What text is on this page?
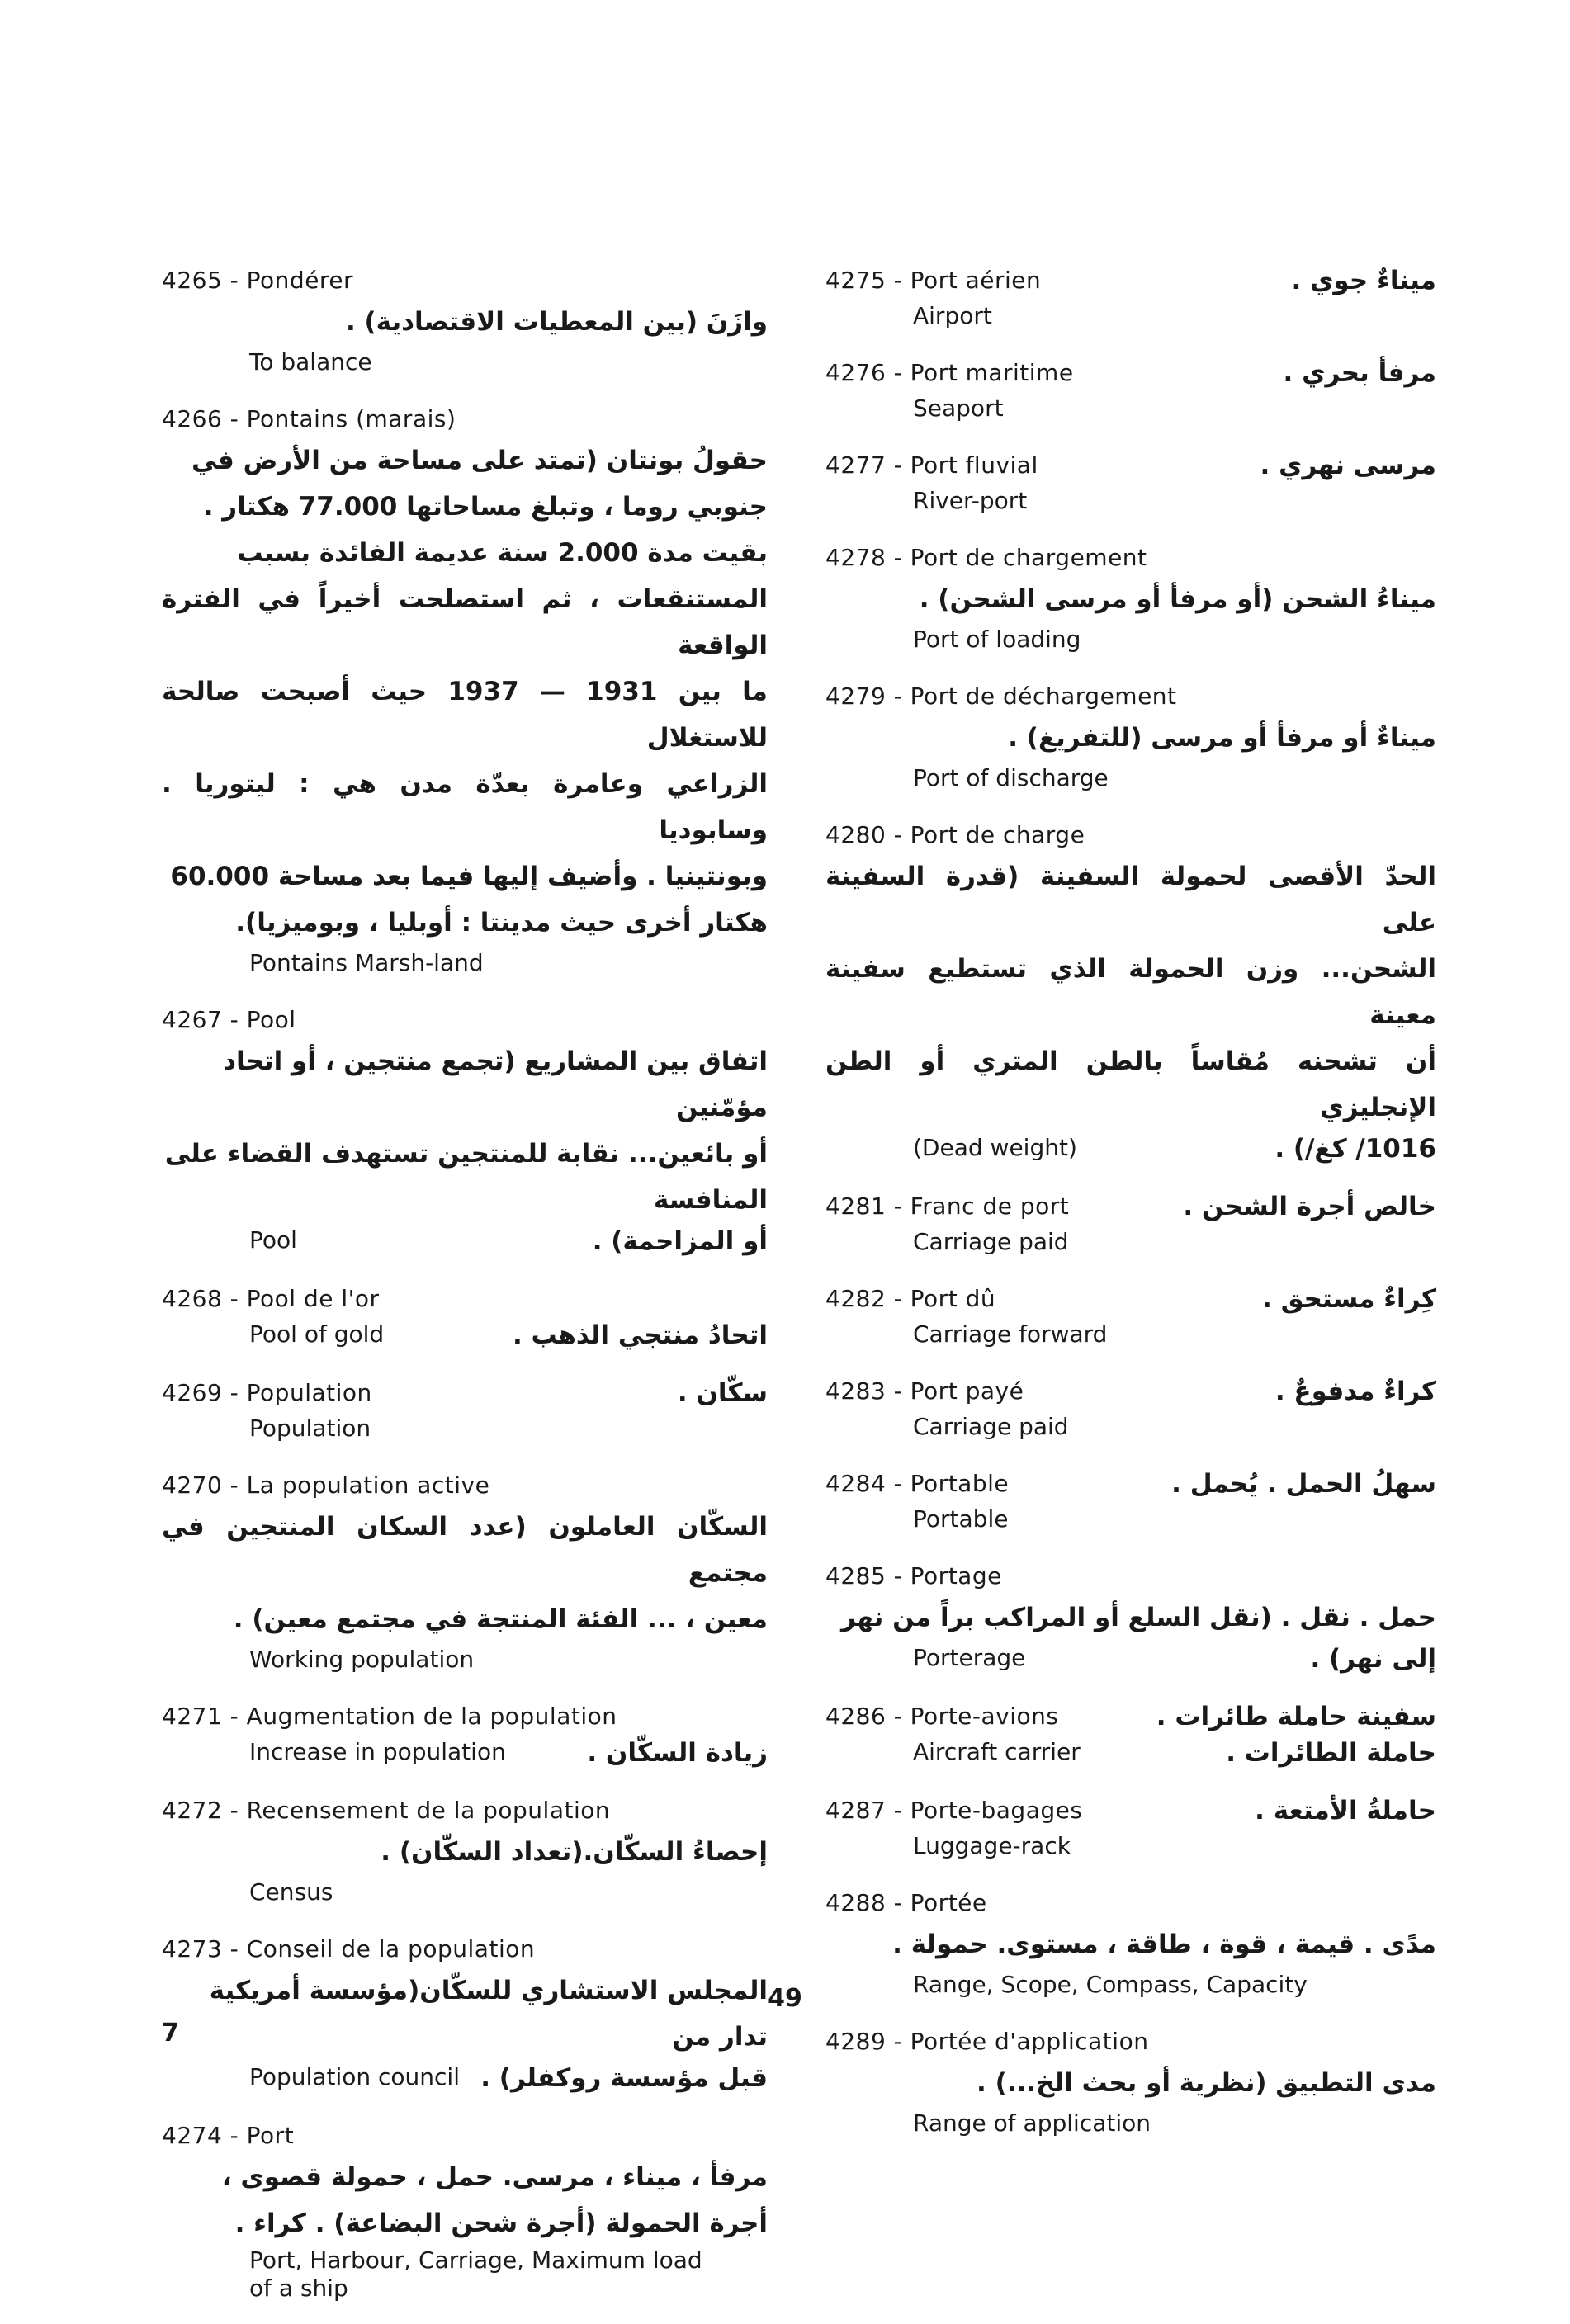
4265 - Pondérer
وازَنَ (بين المعطيات الاقتصادية) .
To balance
4266 - Pontains (marais)
حقولُ بونتان (تمتد على مساحة من الأرض في
جنوبي روما ، وتبلغ مساحاتها 77.000 هكتار .
بقيت مدة 2.000 سنة عديمة الفائدة بسبب
المستنقعات ، ثم استصلحت أخيراً في الفترة الواقعة
ما بين 1931 — 1937 حيث أصبحت صالحة للاستغلال
الزراعي وعامرة بعدّة مدن هي : ليتوريا . وسابوديا
وبونتينيا . وأضيف إليها فيما بعد مساحة 60.000
هكتار أخرى حيث مدينتا : أوبليا ، وبوميزيا).
Pontains Marsh-land
4267 - Pool
اتفاق بين المشاريع (تجمع منتجين ، أو اتحاد مؤمّنين
أو بائعين... نقابة للمنتجين تستهدف القضاء على المنافسة
Pool	أو المزاحمة) .
4268 - Pool de l'or
Pool of gold	اتحادُ منتجي الذهب .
4269 - Population	سكّان .
Population
4270 - La population active
السكّان العاملون (عدد السكان المنتجين في مجتمع
معين ، ... الفئة المنتجة في مجتمع معين) .
Working population
4271 - Augmentation de la population
Increase in population	زيادة السكّان .
4272 - Recensement de la population
إحصاءُ السكّان.(تعداد السكّان) .
Census
4273 - Conseil de la population
المجلس الاستشاري للسكّان(مؤسسة أمريكية تدار من
Population council قبل مؤسسة روكفلر) .
4274 - Port
مرفأ ، ميناء ، مرسى. حمل ، حمولة قصوى ،
أجرة الحمولة (أجرة شحن البضاعة) . كراء .
Port, Harbour, Carriage, Maximum load
of a ship
4275 - Port aérien	ميناءٌ جوي .
Airport
4276 - Port maritime	مرفأ بحري .
Seaport
4277 - Port fluvial	مرسى نهري .
River-port
4278 - Port de chargement
ميناءُ الشحن (أو مرفأ أو مرسى الشحن) .
Port of loading
4279 - Port de déchargement
ميناءٌ أو مرفأ أو مرسى (للتفريغ) .
Port of discharge
4280 - Port de charge
الحدّ الأقصى لحمولة السفينة (قدرة السفينة على
الشحن... وزن الحمولة الذي تستطيع سفينة معينة
أن تشحنه مُقاساً بالطن المتري أو الطن الإنجليزي
(Dead weight)	1016/ كغ/) .
4281 - Franc de port	خالص أجرة الشحن .
Carriage paid
4282 - Port dû	كِراءٌ مستحق .
Carriage forward
4283 - Port payé	كراءٌ مدفوعٌ .
Carriage paid
4284 - Portable	سهلُ الحمل . يُحمل .
Portable
4285 - Portage
حمل . نقل . (نقل السلع أو المراكب براً من نهر
Porterage	إلى نهر) .
4286 - Porte-avions	سفينة حاملة طائرات .
Aircraft carrier	حاملة الطائرات .
4287 - Porte-bagages	حاملةُ الأمتعة .
Luggage-rack
4288 - Portée
مدًى . قيمة ، قوة ، طاقة ، مستوى. حمولة .
Range, Scope, Compass, Capacity
4289 - Portée d'application
مدى التطبيق (نظرية أو بحث الخ...) .
Range of application
49
7
